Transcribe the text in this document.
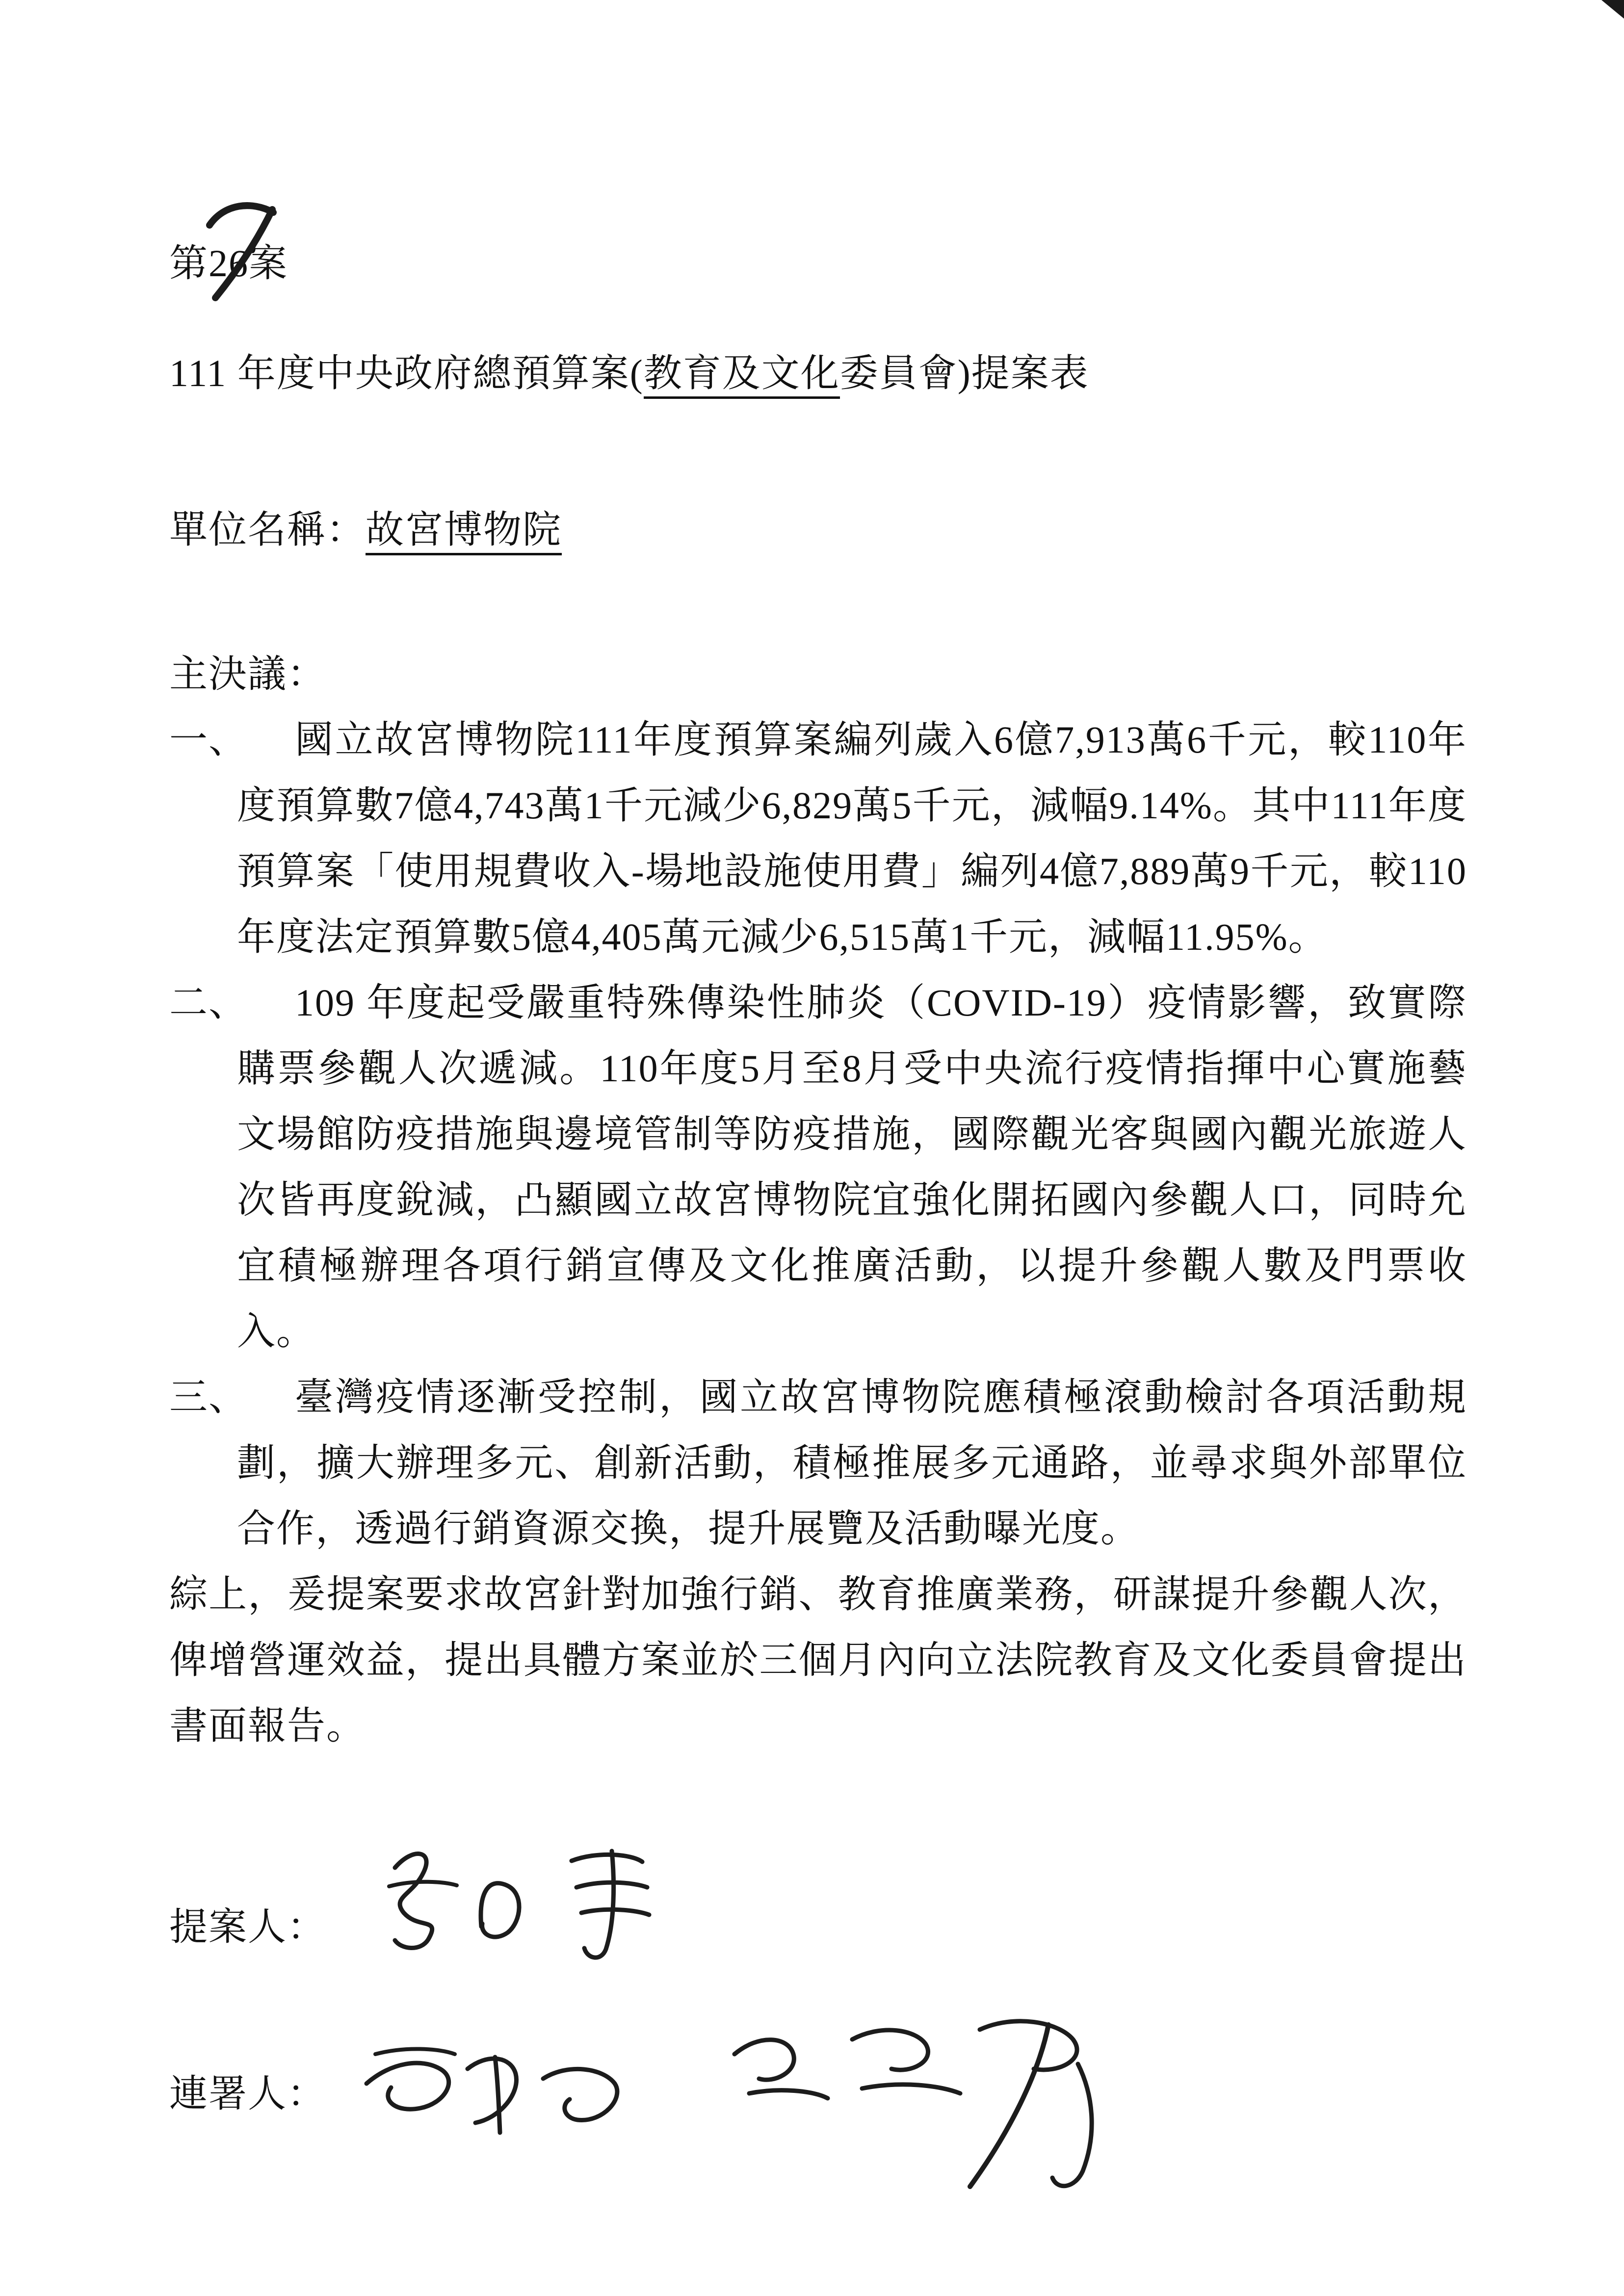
第26
案
111 年度中央政府總預算案(教育及文化委員會)提案表
單位名稱：故宮博物院
主決議：
一、 國立故宮博物院111年度預算案編列歲入6億7,913萬6千元，較110年度預算數7億4,743萬1千元減少6,829萬5千元，減幅9.14%。其中111年度預算案「使用規費收入-場地設施使用費」編列4億7,889萬9千元，較110年度法定預算數5億4,405萬元減少6,515萬1千元，減幅11.95%。
二、 109 年度起受嚴重特殊傳染性肺炎（COVID-19）疫情影響，致實際購票參觀人次遞減。110年度5月至8月受中央流行疫情指揮中心實施藝文場館防疫措施與邊境管制等防疫措施，國際觀光客與國內觀光旅遊人次皆再度銳減，凸顯國立故宮博物院宜強化開拓國內參觀人口，同時允宜積極辦理各項行銷宣傳及文化推廣活動，以提升參觀人數及門票收入。
三、 臺灣疫情逐漸受控制，國立故宮博物院應積極滾動檢討各項活動規劃，擴大辦理多元、創新活動，積極推展多元通路，並尋求與外部單位合作，透過行銷資源交換，提升展覽及活動曝光度。
綜上，爰提案要求故宮針對加強行銷、教育推廣業務，研謀提升參觀人次，俾增營運效益，提出具體方案並於三個月內向立法院教育及文化委員會提出書面報告。
提案人：
連署人：
